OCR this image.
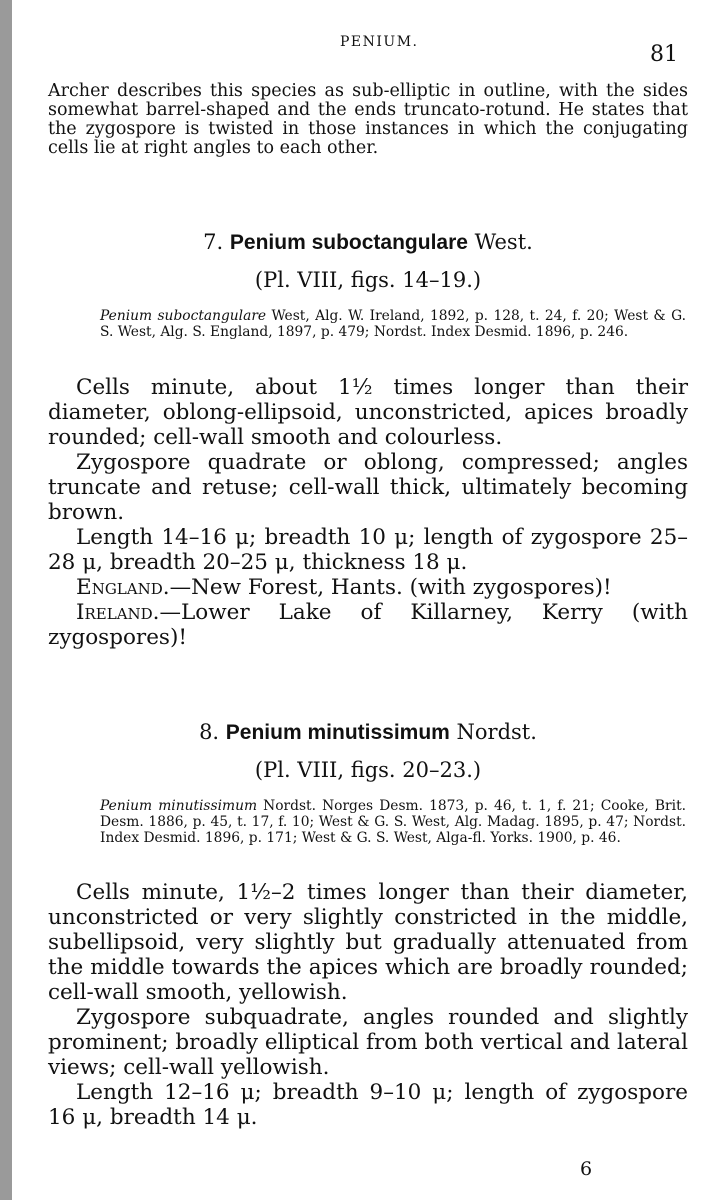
PENIUM.	81
Archer describes this species as sub-elliptic in outline, with the sides somewhat barrel-shaped and the ends truncato-rotund. He states that the zygospore is twisted in those instances in which the conjugating cells lie at right angles to each other.
7. Penium suboctangulare West.
(Pl. VIII, figs. 14–19.)
Penium suboctangulare West, Alg. W. Ireland, 1892, p. 128, t. 24, f. 20; West & G. S. West, Alg. S. England, 1897, p. 479; Nordst. Index Desmid. 1896, p. 246.

Cells minute, about 1½ times longer than their diameter, oblong-ellipsoid, unconstricted, apices broadly rounded; cell-wall smooth and colourless.

Zygospore quadrate or oblong, compressed; angles truncate and retuse; cell-wall thick, ultimately becoming brown.

Length 14–16 μ; breadth 10 μ; length of zygospore 25–28 μ, breadth 20–25 μ, thickness 18 μ.

England.—New Forest, Hants. (with zygospores)!

Ireland.—Lower Lake of Killarney, Kerry (with zygospores)!

8. Penium minutissimum Nordst.
(Pl. VIII, figs. 20–23.)
Penium minutissimum Nordst. Norges Desm. 1873, p. 46, t. 1, f. 21; Cooke, Brit. Desm. 1886, p. 45, t. 17, f. 10; West & G. S. West, Alg. Madag. 1895, p. 47; Nordst. Index Desmid. 1896, p. 171; West & G. S. West, Alga-fl. Yorks. 1900, p. 46.

Cells minute, 1½–2 times longer than their diameter, unconstricted or very slightly constricted in the middle, subellipsoid, very slightly but gradually attenuated from the middle towards the apices which are broadly rounded; cell-wall smooth, yellowish.

Zygospore subquadrate, angles rounded and slightly prominent; broadly elliptical from both vertical and lateral views; cell-wall yellowish.

Length 12–16 μ; breadth 9–10 μ; length of zygospore 16 μ, breadth 14 μ.

6
